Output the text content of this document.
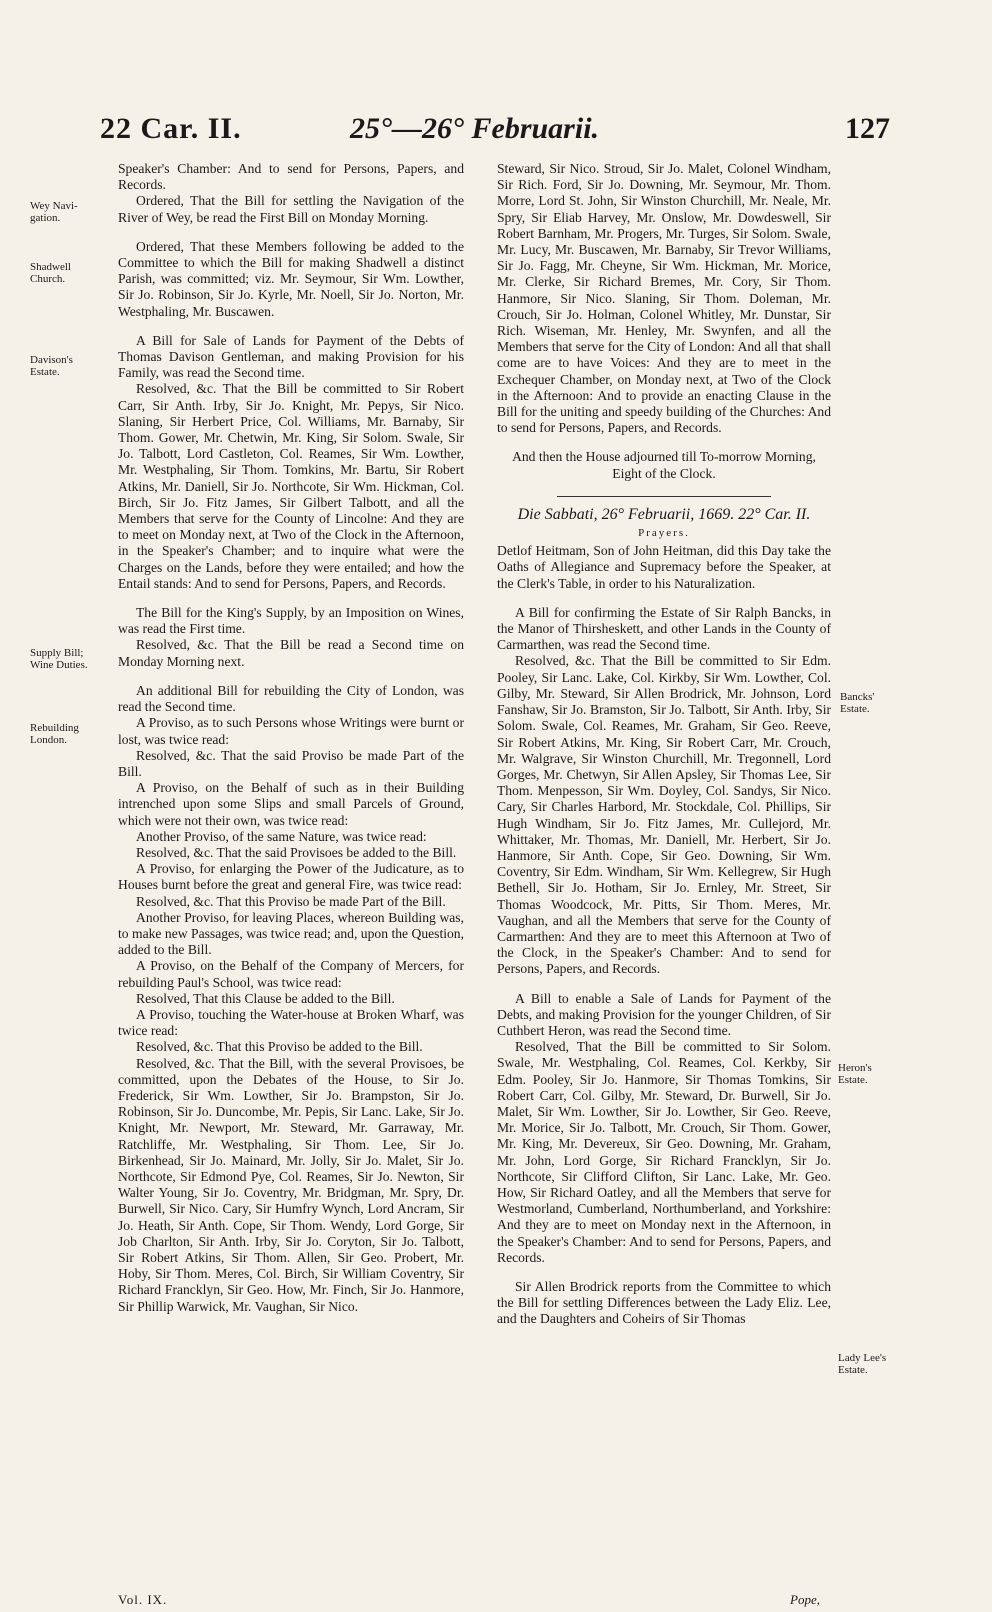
22 Car. II.	25°—26° Februarii.	127
Wey Navi-gation.
Shadwell Church.
Davison's Estate.
Supply Bill; Wine Duties.
Rebuilding London.
Bancks' Estate.
Heron's Estate.
Lady Lee's Estate.

Speaker's Chamber: And to send for Persons, Papers, and Records.

Ordered, That the Bill for settling the Navigation of the River of Wey, be read the First Bill on Monday Morning.

Ordered, That these Members following be added to the Committee to which the Bill for making Shadwell a distinct Parish, was committed; viz. Mr. Seymour, Sir Wm. Lowther, Sir Jo. Robinson, Sir Jo. Kyrle, Mr. Noell, Sir Jo. Norton, Mr. Westphaling, Mr. Buscawen.

A Bill for Sale of Lands for Payment of the Debts of Thomas Davison Gentleman, and making Provision for his Family, was read the Second time.

Resolved, &c. That the Bill be committed to Sir Robert Carr, Sir Anth. Irby, Sir Jo. Knight, Mr. Pepys, Sir Nico. Slaning, Sir Herbert Price, Col. Williams, Mr. Barnaby, Sir Thom. Gower, Mr. Chetwin, Mr. King, Sir Solom. Swale, Sir Jo. Talbott, Lord Castleton, Col. Reames, Sir Wm. Lowther, Mr. Westphaling, Sir Thom. Tomkins, Mr. Bartu, Sir Robert Atkins, Mr. Daniell, Sir Jo. Northcote, Sir Wm. Hickman, Col. Birch, Sir Jo. Fitz James, Sir Gilbert Talbott, and all the Members that serve for the County of Lincolne: And they are to meet on Monday next, at Two of the Clock in the Afternoon, in the Speaker's Chamber; and to inquire what were the Charges on the Lands, before they were entailed; and how the Entail stands: And to send for Persons, Papers, and Records.

The Bill for the King's Supply, by an Imposition on Wines, was read the First time.

Resolved, &c. That the Bill be read a Second time on Monday Morning next.

An additional Bill for rebuilding the City of London, was read the Second time.

A Proviso, as to such Persons whose Writings were burnt or lost, was twice read:

Resolved, &c. That the said Proviso be made Part of the Bill.

A Proviso, on the Behalf of such as in their Building intrenched upon some Slips and small Parcels of Ground, which were not their own, was twice read:

Another Proviso, of the same Nature, was twice read:

Resolved, &c. That the said Provisoes be added to the Bill.

A Proviso, for enlarging the Power of the Judicature, as to Houses burnt before the great and general Fire, was twice read:

Resolved, &c. That this Proviso be made Part of the Bill.

Another Proviso, for leaving Places, whereon Building was, to make new Passages, was twice read; and, upon the Question, added to the Bill.

A Proviso, on the Behalf of the Company of Mercers, for rebuilding Paul's School, was twice read:

Resolved, That this Clause be added to the Bill.

A Proviso, touching the Water-house at Broken Wharf, was twice read:

Resolved, &c. That this Proviso be added to the Bill.

Resolved, &c. That the Bill, with the several Provisoes, be committed, upon the Debates of the House, to Sir Jo. Frederick, Sir Wm. Lowther, Sir Jo. Brampston, Sir Jo. Robinson, Sir Jo. Duncombe, Mr. Pepis, Sir Lanc. Lake, Sir Jo. Knight, Mr. Newport, Mr. Steward, Mr. Garraway, Mr. Ratchliffe, Mr. Westphaling, Sir Thom. Lee, Sir Jo. Birkenhead, Sir Jo. Mainard, Mr. Jolly, Sir Jo. Malet, Sir Jo. Northcote, Sir Edmond Pye, Col. Reames, Sir Jo. Newton, Sir Walter Young, Sir Jo. Coventry, Mr. Bridgman, Mr. Spry, Dr. Burwell, Sir Nico. Cary, Sir Humfry Wynch, Lord Ancram, Sir Jo. Heath, Sir Anth. Cope, Sir Thom. Wendy, Lord Gorge, Sir Job Charlton, Sir Anth. Irby, Sir Jo. Coryton, Sir Jo. Talbott, Sir Robert Atkins, Sir Thom. Allen, Sir Geo. Probert, Mr. Hoby, Sir Thom. Meres, Col. Birch, Sir William Coventry, Sir Richard Francklyn, Sir Geo. How, Mr. Finch, Sir Jo. Hanmore, Sir Phillip Warwick, Mr. Vaughan, Sir Nico.

Steward, Sir Nico. Stroud, Sir Jo. Malet, Colonel Windham, Sir Rich. Ford, Sir Jo. Downing, Mr. Seymour, Mr. Thom. Morre, Lord St. John, Sir Winston Churchill, Mr. Neale, Mr. Spry, Sir Eliab Harvey, Mr. Onslow, Mr. Dowdeswell, Sir Robert Barnham, Mr. Progers, Mr. Turges, Sir Solom. Swale, Mr. Lucy, Mr. Buscawen, Mr. Barnaby, Sir Trevor Williams, Sir Jo. Fagg, Mr. Cheyne, Sir Wm. Hickman, Mr. Morice, Mr. Clerke, Sir Richard Bremes, Mr. Cory, Sir Thom. Hanmore, Sir Nico. Slaning, Sir Thom. Doleman, Mr. Crouch, Sir Jo. Holman, Colonel Whitley, Mr. Dunstar, Sir Rich. Wiseman, Mr. Henley, Mr. Swynfen, and all the Members that serve for the City of London: And all that shall come are to have Voices: And they are to meet in the Exchequer Chamber, on Monday next, at Two of the Clock in the Afternoon: And to provide an enacting Clause in the Bill for the uniting and speedy building of the Churches: And to send for Persons, Papers, and Records.

And then the House adjourned till To-morrow Morning, Eight of the Clock.

Die Sabbati, 26° Februarii, 1669. 22° Car. II.
Prayers.

Detlof Heitmam, Son of John Heitman, did this Day take the Oaths of Allegiance and Supremacy before the Speaker, at the Clerk's Table, in order to his Naturalization.

A Bill for confirming the Estate of Sir Ralph Bancks, in the Manor of Thirsheskett, and other Lands in the County of Carmarthen, was read the Second time.

Resolved, &c. That the Bill be committed to Sir Edm. Pooley, Sir Lanc. Lake, Col. Kirkby, Sir Wm. Lowther, Col. Gilby, Mr. Steward, Sir Allen Brodrick, Mr. Johnson, Lord Fanshaw, Sir Jo. Bramston, Sir Jo. Talbott, Sir Anth. Irby, Sir Solom. Swale, Col. Reames, Mr. Graham, Sir Geo. Reeve, Sir Robert Atkins, Mr. King, Sir Robert Carr, Mr. Crouch, Mr. Walgrave, Sir Winston Churchill, Mr. Tregonnell, Lord Gorges, Mr. Chetwyn, Sir Allen Apsley, Sir Thomas Lee, Sir Thom. Menpesson, Sir Wm. Doyley, Col. Sandys, Sir Nico. Cary, Sir Charles Harbord, Mr. Stockdale, Col. Phillips, Sir Hugh Windham, Sir Jo. Fitz James, Mr. Cullejord, Mr. Whittaker, Mr. Thomas, Mr. Daniell, Mr. Herbert, Sir Jo. Hanmore, Sir Anth. Cope, Sir Geo. Downing, Sir Wm. Coventry, Sir Edm. Windham, Sir Wm. Kellegrew, Sir Hugh Bethell, Sir Jo. Hotham, Sir Jo. Ernley, Mr. Street, Sir Thomas Woodcock, Mr. Pitts, Sir Thom. Meres, Mr. Vaughan, and all the Members that serve for the County of Carmarthen: And they are to meet this Afternoon at Two of the Clock, in the Speaker's Chamber: And to send for Persons, Papers, and Records.

A Bill to enable a Sale of Lands for Payment of the Debts, and making Provision for the younger Children, of Sir Cuthbert Heron, was read the Second time.

Resolved, That the Bill be committed to Sir Solom. Swale, Mr. Westphaling, Col. Reames, Col. Kerkby, Sir Edm. Pooley, Sir Jo. Hanmore, Sir Thomas Tomkins, Sir Robert Carr, Col. Gilby, Mr. Steward, Dr. Burwell, Sir Jo. Malet, Sir Wm. Lowther, Sir Jo. Lowther, Sir Geo. Reeve, Mr. Morice, Sir Jo. Talbott, Mr. Crouch, Sir Thom. Gower, Mr. King, Mr. Devereux, Sir Geo. Downing, Mr. Graham, Mr. John, Lord Gorge, Sir Richard Francklyn, Sir Jo. Northcote, Sir Clifford Clifton, Sir Lanc. Lake, Mr. Geo. How, Sir Richard Oatley, and all the Members that serve for Westmorland, Cumberland, Northumberland, and Yorkshire: And they are to meet on Monday next in the Afternoon, in the Speaker's Chamber: And to send for Persons, Papers, and Records.

Sir Allen Brodrick reports from the Committee to which the Bill for settling Differences between the Lady Eliz. Lee, and the Daughters and Coheirs of Sir Thomas

Vol. IX.	Pope,
